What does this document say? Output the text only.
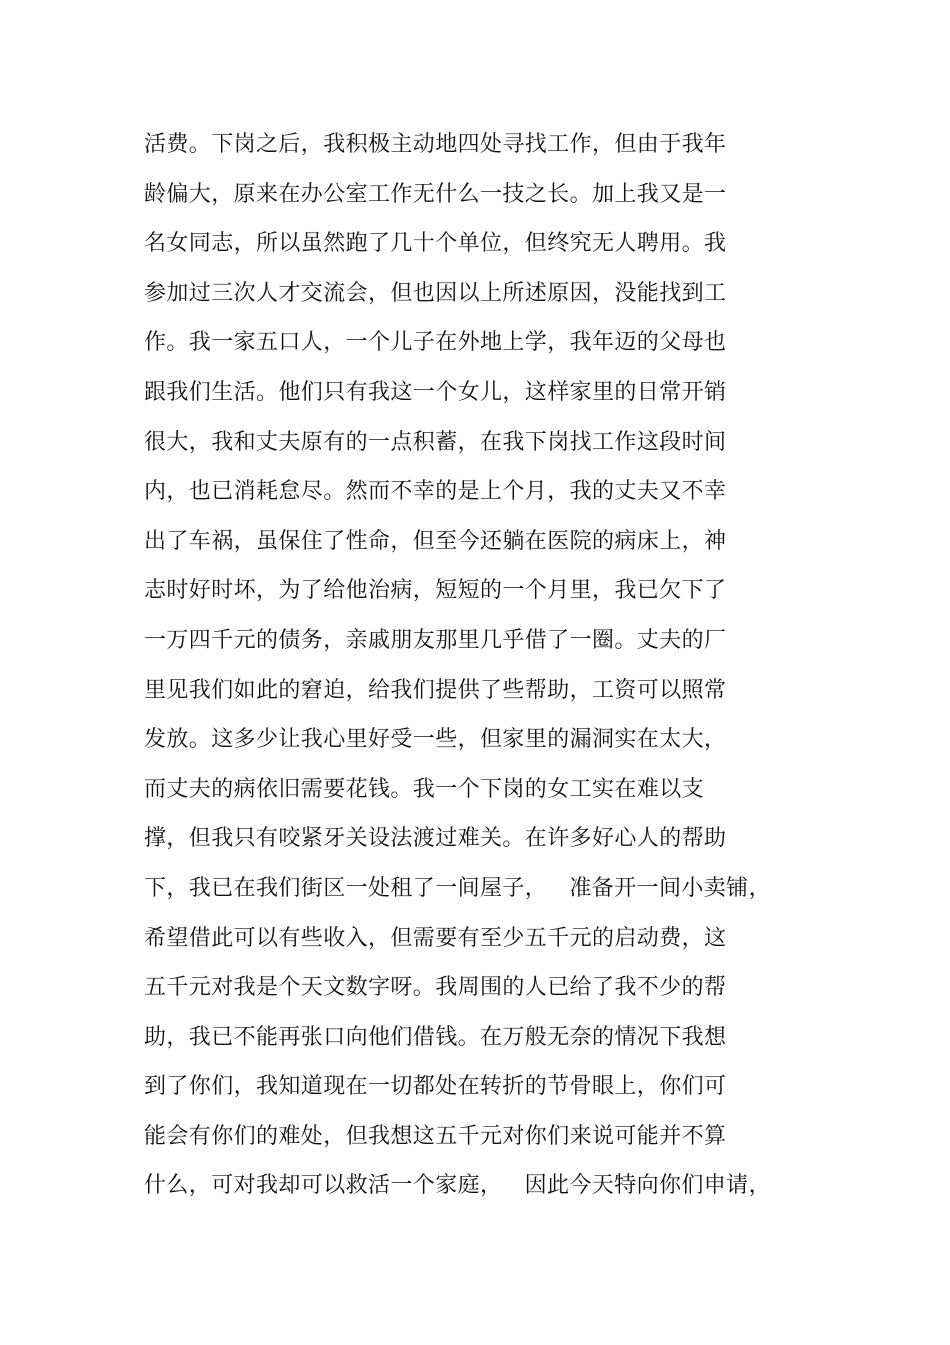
活费。下岗之后，我积极主动地四处寻找工作，但由于我年

龄偏大，原来在办公室工作无什么一技之长。加上我又是一

名女同志，所以虽然跑了几十个单位，但终究无人聘用。我

参加过三次人才交流会，但也因以上所述原因，没能找到工

作。我一家五口人，一个儿子在外地上学，我年迈的父母也

跟我们生活。他们只有我这一个女儿，这样家里的日常开销

很大，我和丈夫原有的一点积蓄，在我下岗找工作这段时间

内，也已消耗怠尽。然而不幸的是上个月，我的丈夫又不幸

出了车祸，虽保住了性命，但至今还躺在医院的病床上，神

志时好时坏，为了给他治病，短短的一个月里，我已欠下了

一万四千元的债务，亲戚朋友那里几乎借了一圈。丈夫的厂

里见我们如此的窘迫，给我们提供了些帮助，工资可以照常

发放。这多少让我心里好受一些，但家里的漏洞实在太大，

而丈夫的病依旧需要花钱。我一个下岗的女工实在难以支

撑，但我只有咬紧牙关设法渡过难关。在许多好心人的帮助

下，我已在我们街区一处租了一间屋子，   准备开一间小卖铺，

希望借此可以有些收入，但需要有至少五千元的启动费，这

五千元对我是个天文数字呀。我周围的人已给了我不少的帮

助，我已不能再张口向他们借钱。在万般无奈的情况下我想

到了你们，我知道现在一切都处在转折的节骨眼上，你们可

能会有你们的难处，但我想这五千元对你们来说可能并不算

什么，可对我却可以救活一个家庭，   因此今天特向你们申请，
